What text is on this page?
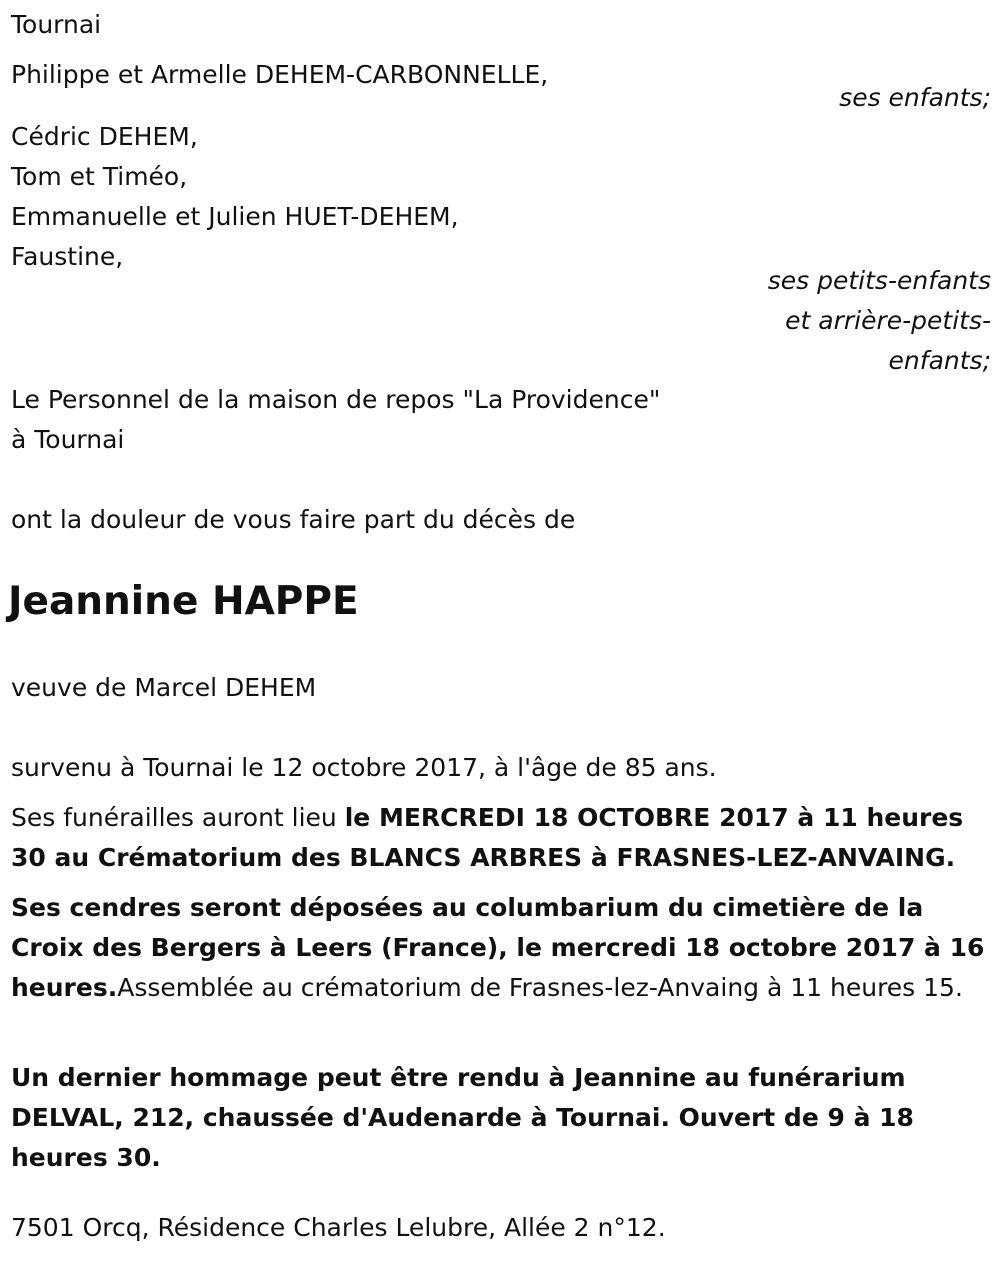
Tournai
Philippe et Armelle DEHEM-CARBONNELLE,
ses enfants;
Cédric DEHEM,
Tom et Timéo,
Emmanuelle et Julien HUET-DEHEM,
Faustine,
ses petits-enfants
et arrière-petits-
enfants;
Le Personnel de la maison de repos "La Providence"
à Tournai
ont la douleur de vous faire part du décès de
Jeannine HAPPE
veuve de Marcel DEHEM
survenu à Tournai le 12 octobre 2017, à l'âge de 85 ans.
Ses funérailles auront lieu le MERCREDI 18 OCTOBRE 2017 à 11 heures 30 au Crématorium des BLANCS ARBRES à FRASNES-LEZ-ANVAING.
Ses cendres seront déposées au columbarium du cimetière de la Croix des Bergers à Leers (France), le mercredi 18 octobre 2017 à 16 heures.Assemblée au crématorium de Frasnes-lez-Anvaing à 11 heures 15.
Un dernier hommage peut être rendu à Jeannine au funérarium DELVAL, 212, chaussée d'Audenarde à Tournai. Ouvert de 9 à 18 heures 30.
7501 Orcq, Résidence Charles Lelubre, Allée 2 n°12.
